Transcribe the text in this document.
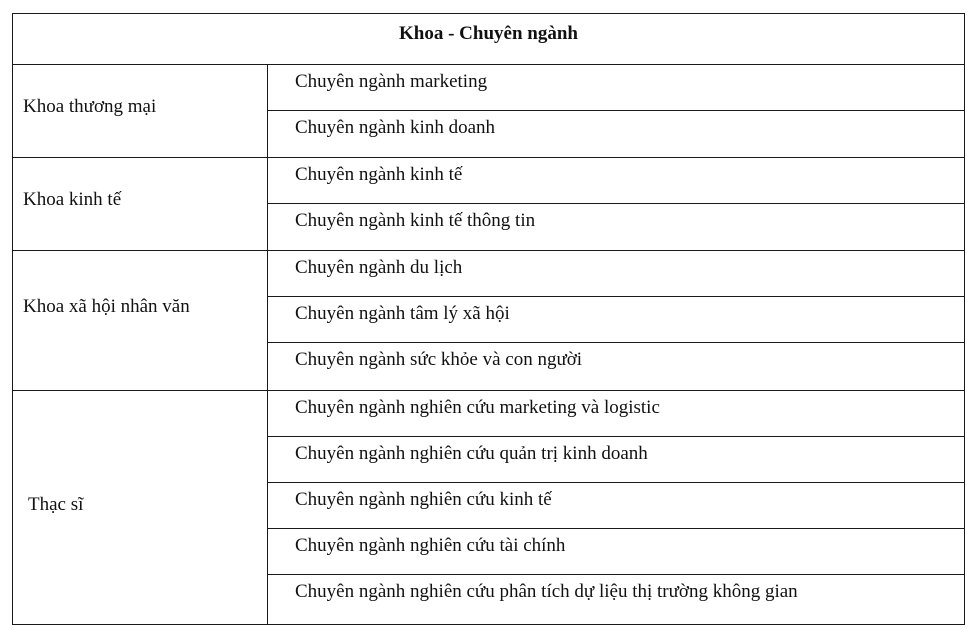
Khoa - Chuyên ngành
Khoa thương mại
Chuyên ngành marketing
Chuyên ngành kinh doanh
Khoa kinh tế
Chuyên ngành kinh tế
Chuyên ngành kinh tế thông tin
Khoa xã hội nhân văn
Chuyên ngành du lịch
Chuyên ngành tâm lý xã hội
Chuyên ngành sức khỏe và con người
Thạc sĩ
Chuyên ngành nghiên cứu marketing và logistic
Chuyên ngành nghiên cứu quản trị kinh doanh
Chuyên ngành nghiên cứu kinh tế
Chuyên ngành nghiên cứu tài chính
Chuyên ngành nghiên cứu phân tích dự liệu thị trường không gian
